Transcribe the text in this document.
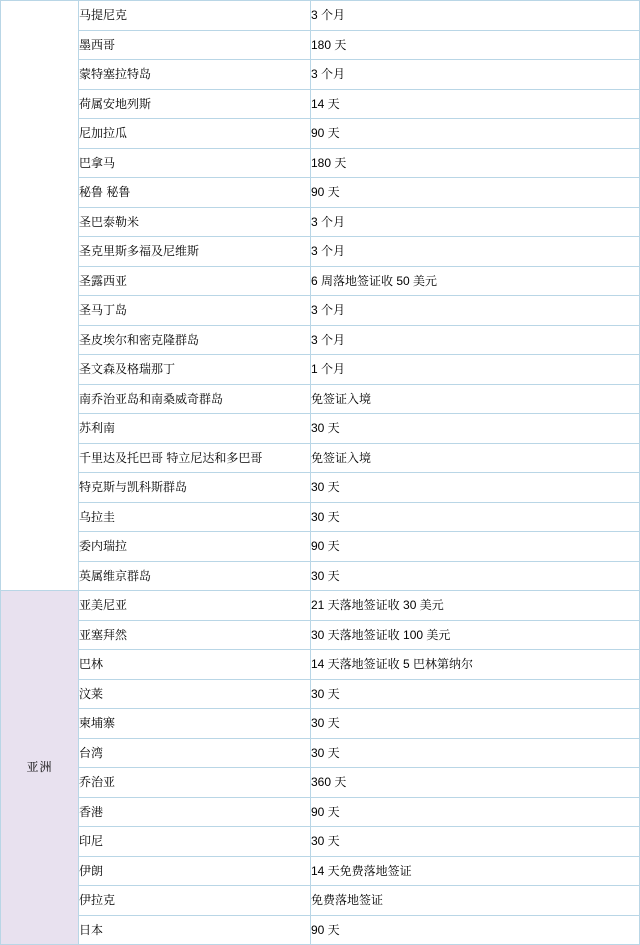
	马提尼克	3 个月
	墨西哥	180 天
	蒙特塞拉特岛	3 个月
	荷属安地列斯	14 天
	尼加拉瓜	90 天
	巴拿马	180 天
	秘鲁 秘鲁	90 天
	圣巴泰勒米	3 个月
	圣克里斯多福及尼维斯	3 个月
	圣露西亚	6 周落地签证收 50 美元
	圣马丁岛	3 个月
	圣皮埃尔和密克隆群岛	3 个月
	圣文森及格瑞那丁	1 个月
	南乔治亚岛和南桑威奇群岛	免签证入境
	苏利南	30 天
	千里达及托巴哥 特立尼达和多巴哥	免签证入境
	特克斯与凯科斯群岛	30 天
	乌拉圭	30 天
	委内瑞拉	90 天
	英属维京群岛	30 天
亚洲	亚美尼亚	21 天落地签证收 30 美元
	亚塞拜然	30 天落地签证收 100 美元
	巴林	14 天落地签证收 5 巴林第纳尔
	汶莱	30 天
	柬埔寨	30 天
	台湾	30 天
	乔治亚	360 天
	香港	90 天
	印尼	30 天
	伊朗	14 天免费落地签证
	伊拉克	免费落地签证
	日本	90 天
